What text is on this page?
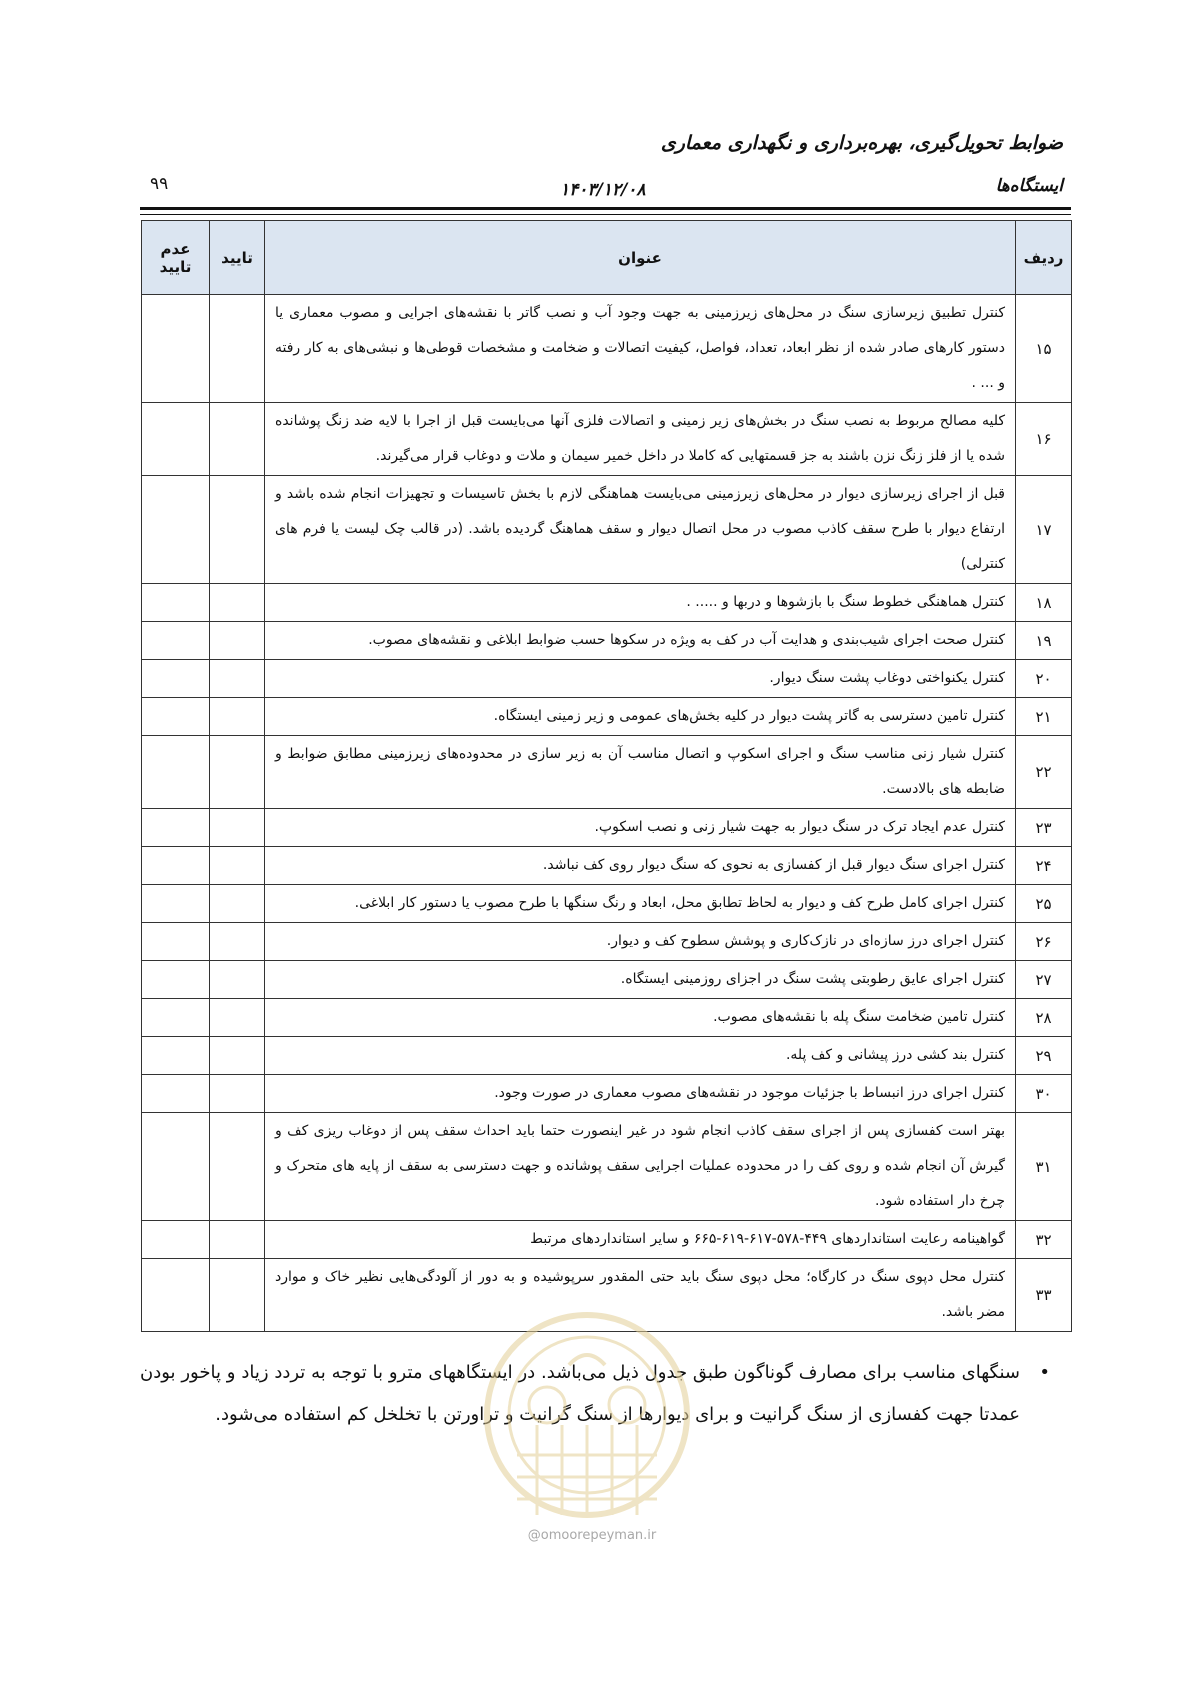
ضوابط تحویل‌گیری، بهره‌برداری و نگهداری معماری
ایستگاه‌ها
۱۴۰۳/۱۲/۰۸
۹۹
ردیف	عنوان	تایید	عدم تایید
۱۵	کنترل تطبیق زیرسازی سنگ در محل‌های زیرزمینی به جهت وجود آب و نصب گاتر با نقشه‌های اجرایی و مصوب معماری یا دستور کارهای صادر شده از نظر ابعاد، تعداد، فواصل، کیفیت اتصالات و ضخامت و مشخصات قوطی‌ها و نبشی‌های به کار رفته و ... .		
۱۶	کلیه مصالح مربوط به نصب سنگ در بخش‌های زیر زمینی و اتصالات فلزی آنها می‌بایست قبل از اجرا با لایه ضد زنگ پوشانده شده یا از فلز زنگ نزن باشند به جز قسمتهایی که کاملا در داخل خمیر سیمان و ملات و دوغاب قرار می‌گیرند.		
۱۷	قبل از اجرای زیرسازی دیوار در محل‌های زیرزمینی می‌بایست هماهنگی لازم با بخش تاسیسات و تجهیزات انجام شده باشد و ارتفاع دیوار با طرح سقف کاذب مصوب در محل اتصال دیوار و سقف هماهنگ گردیده باشد. (در قالب چک لیست یا فرم های کنترلی)		
۱۸	کنترل هماهنگی خطوط سنگ با بازشوها و دربها و ..... .		
۱۹	کنترل صحت اجرای شیب‌بندی و هدایت آب در کف به ویژه در سکوها حسب ضوابط ابلاغی و نقشه‌های مصوب.		
۲۰	کنترل یکنواختی دوغاب پشت سنگ دیوار.		
۲۱	کنترل تامین دسترسی به گاتر پشت دیوار در کلیه بخش‌های عمومی و زیر زمینی ایستگاه.		
۲۲	کنترل شیار زنی مناسب سنگ و اجرای اسکوپ و اتصال مناسب آن به زیر سازی در محدوده‌های زیرزمینی مطابق ضوابط و ضابطه های بالادست.		
۲۳	کنترل عدم ایجاد ترک در سنگ دیوار به جهت شیار زنی و نصب اسکوپ.		
۲۴	کنترل اجرای سنگ دیوار قبل از کفسازی به نحوی که سنگ دیوار روی کف نباشد.		
۲۵	کنترل اجرای کامل طرح کف و دیوار به لحاظ تطابق محل، ابعاد و رنگ سنگها با طرح مصوب یا دستور کار ابلاغی.		
۲۶	کنترل اجرای درز سازه‌ای در نازک‌کاری و پوشش سطوح کف و دیوار.		
۲۷	کنترل اجرای عایق رطوبتی پشت سنگ در اجزای روزمینی ایستگاه.		
۲۸	کنترل تامین ضخامت سنگ پله با نقشه‌های مصوب.		
۲۹	کنترل بند کشی درز پیشانی و کف پله.		
۳۰	کنترل اجرای درز انبساط با جزئیات موجود در نقشه‌های مصوب معماری در صورت وجود.		
۳۱	بهتر است کفسازی پس از اجرای سقف کاذب انجام شود در غیر اینصورت حتما باید احداث سقف پس از دوغاب ریزی کف و گیرش آن انجام شده و روی کف را در محدوده عملیات اجرایی سقف پوشانده و جهت دسترسی به سقف از پایه های متحرک و چرخ دار استفاده شود.		
۳۲	گواهینامه رعایت استانداردهای ۴۴۹-۵۷۸-۶۱۷-۶۱۹-۶۶۵ و سایر استانداردهای مرتبط		
۳۳	کنترل محل دپوی سنگ در کارگاه؛ محل دپوی سنگ باید حتی المقدور سرپوشیده و به دور از آلودگی‌هایی نظیر خاک و موارد مضر باشد.		
•

سنگهای مناسب برای مصارف گوناگون طبق جدول ذیل می‌باشد. در ایستگاههای مترو با توجه به تردد زیاد و پاخور بودن عمدتا جهت کفسازی از سنگ گرانیت و برای دیوارها از سنگ گرانیت و تراورتن با تخلخل کم استفاده می‌شود.

@omoorepeyman.ir
